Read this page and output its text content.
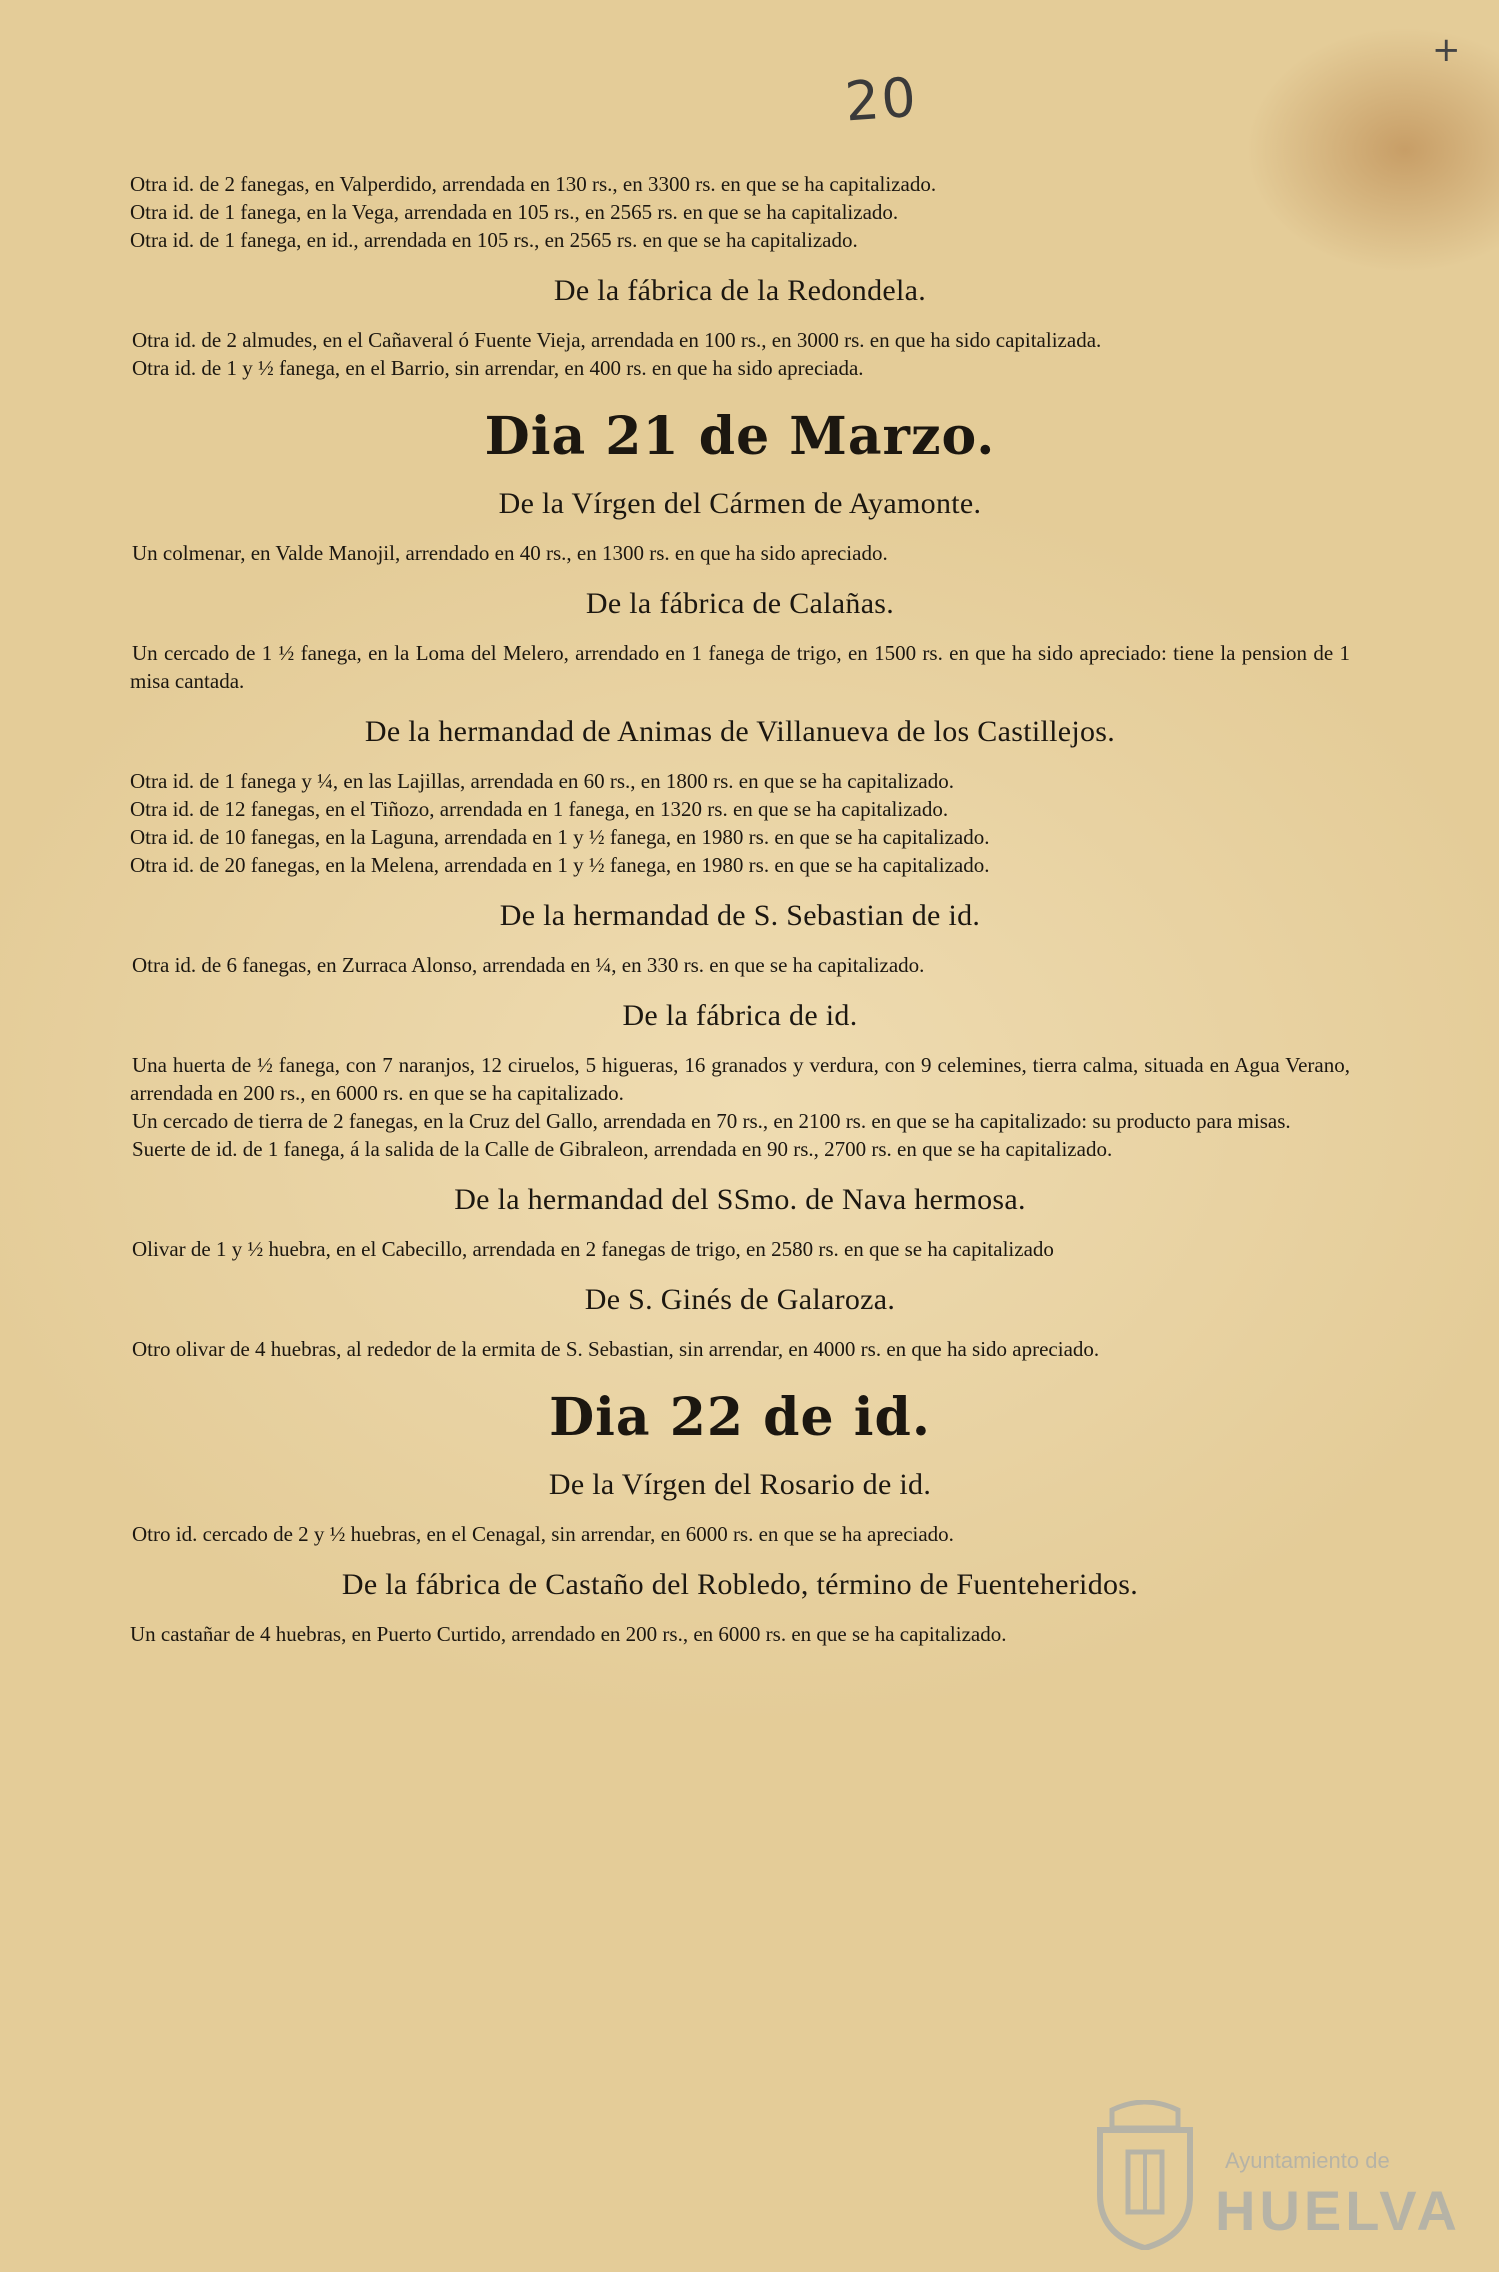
20
+
Otra id. de 2 fanegas, en Valperdido, arrendada en 130 rs., en 3300 rs. en que se ha capitalizado.
Otra id. de 1 fanega, en la Vega, arrendada en 105 rs., en 2565 rs. en que se ha capitalizado.
Otra id. de 1 fanega, en id., arrendada en 105 rs., en 2565 rs. en que se ha capitalizado.
De la fábrica de la Redondela.
Otra id. de 2 almudes, en el Cañaveral ó Fuente Vieja, arrendada en 100 rs., en 3000 rs. en que ha sido capitalizada.
Otra id. de 1 y ½ fanega, en el Barrio, sin arrendar, en 400 rs. en que ha sido apreciada.
Dia 21 de Marzo.
De la Vírgen del Cármen de Ayamonte.
Un colmenar, en Valde Manojil, arrendado en 40 rs., en 1300 rs. en que ha sido apreciado.
De la fábrica de Calañas.
Un cercado de 1 ½ fanega, en la Loma del Melero, arrendado en 1 fanega de trigo, en 1500 rs. en que ha sido apreciado: tiene la pension de 1 misa cantada.
De la hermandad de Animas de Villanueva de los Castillejos.
Otra id. de 1 fanega y ¼, en las Lajillas, arrendada en 60 rs., en 1800 rs. en que se ha capitalizado.
Otra id. de 12 fanegas, en el Tiñozo, arrendada en 1 fanega, en 1320 rs. en que se ha capitalizado.
Otra id. de 10 fanegas, en la Laguna, arrendada en 1 y ½ fanega, en 1980 rs. en que se ha capitalizado.
Otra id. de 20 fanegas, en la Melena, arrendada en 1 y ½ fanega, en 1980 rs. en que se ha capitalizado.
De la hermandad de S. Sebastian de id.
Otra id. de 6 fanegas, en Zurraca Alonso, arrendada en ¼, en 330 rs. en que se ha capitalizado.
De la fábrica de id.
Una huerta de ½ fanega, con 7 naranjos, 12 ciruelos, 5 higueras, 16 granados y verdura, con 9 celemines, tierra calma, situada en Agua Verano, arrendada en 200 rs., en 6000 rs. en que se ha capitalizado.
Un cercado de tierra de 2 fanegas, en la Cruz del Gallo, arrendada en 70 rs., en 2100 rs. en que se ha capitalizado: su producto para misas.
Suerte de id. de 1 fanega, á la salida de la Calle de Gibraleon, arrendada en 90 rs., 2700 rs. en que se ha capitalizado.
De la hermandad del SSmo. de Nava hermosa.
Olivar de 1 y ½ huebra, en el Cabecillo, arrendada en 2 fanegas de trigo, en 2580 rs. en que se ha capitalizado
De S. Ginés de Galaroza.
Otro olivar de 4 huebras, al rededor de la ermita de S. Sebastian, sin arrendar, en 4000 rs. en que ha sido apreciado.
Dia 22 de id.
De la Vírgen del Rosario de id.
Otro id. cercado de 2 y ½ huebras, en el Cenagal, sin arrendar, en 6000 rs. en que se ha apreciado.
De la fábrica de Castaño del Robledo, término de Fuenteheridos.
Un castañar de 4 huebras, en Puerto Curtido, arrendado en 200 rs., en 6000 rs. en que se ha capitalizado.
Ayuntamiento de
HUELVA
